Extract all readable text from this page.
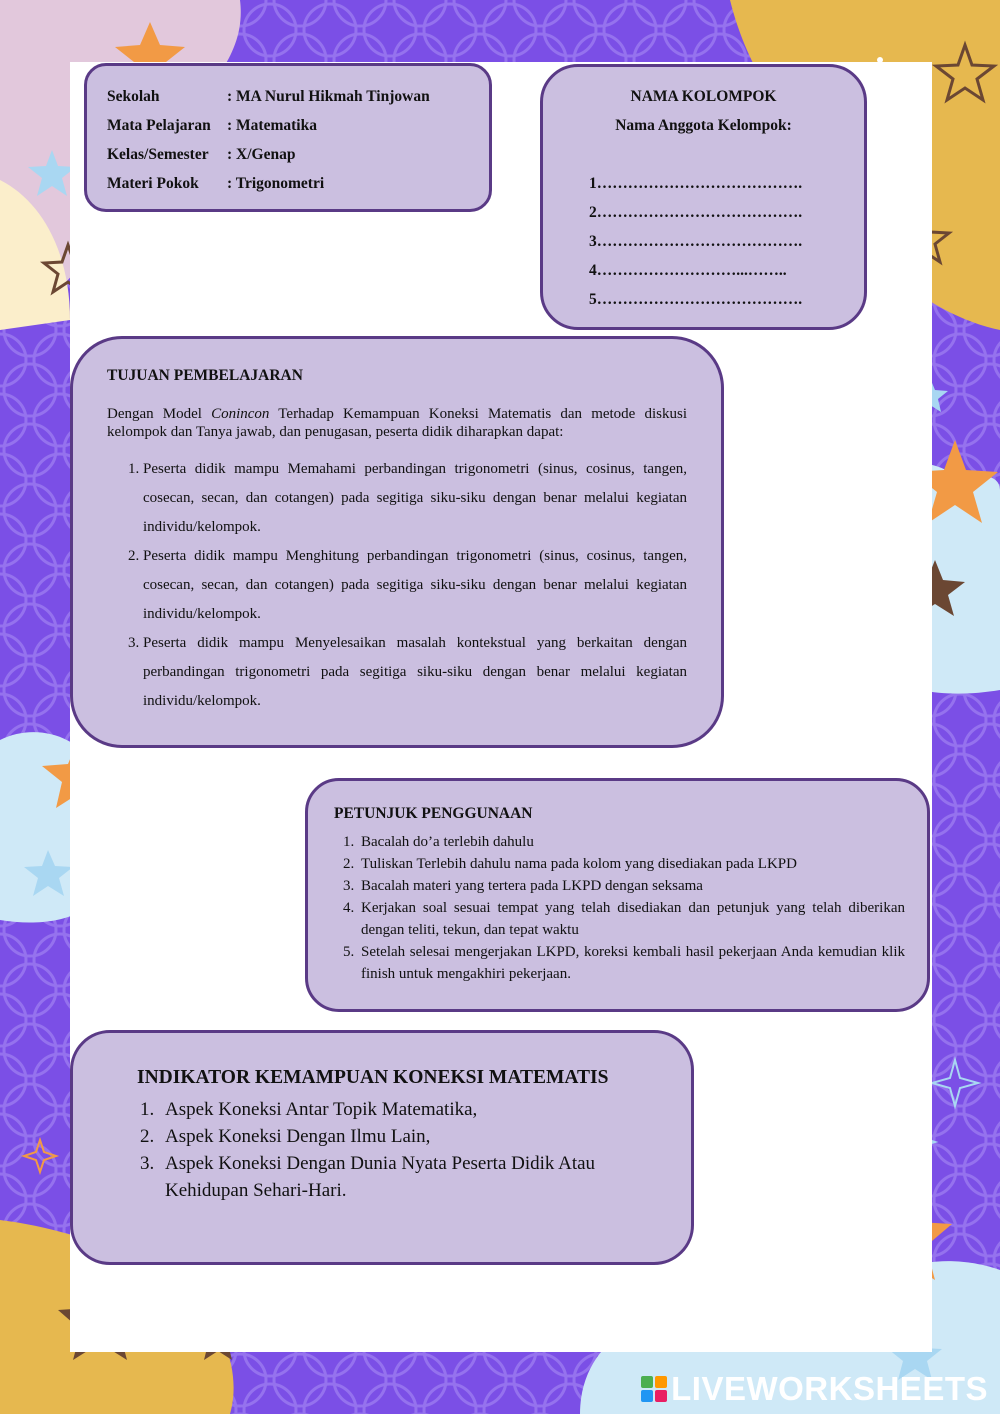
Sekolah	: MA Nurul Hikmah Tinjowan
Mata Pelajaran	: Matematika
Kelas/Semester	: X/Genap
Materi Pokok	: Trigonometri
NAMA KOLOMPOK
Nama Anggota Kelompok:
1………………………………….
2………………………………….
3………………………………….
4………………………...……..
5………………………………….
TUJUAN PEMBELAJARAN

Dengan Model Conincon Terhadap Kemampuan Koneksi Matematis dan metode diskusi kelompok dan Tanya jawab, dan penugasan, peserta didik diharapkan dapat:

1. Peserta didik mampu Memahami perbandingan trigonometri (sinus, cosinus, tangen, cosecan, secan, dan cotangen) pada segitiga siku-siku dengan benar melalui kegiatan individu/kelompok.
2. Peserta didik mampu Menghitung perbandingan trigonometri (sinus, cosinus, tangen, cosecan, secan, dan cotangen) pada segitiga siku-siku dengan benar melalui kegiatan individu/kelompok.
3. Peserta didik mampu Menyelesaikan masalah kontekstual yang berkaitan dengan perbandingan trigonometri pada segitiga siku-siku dengan benar melalui kegiatan individu/kelompok.
PETUNJUK PENGGUNAAN
1. Bacalah do’a terlebih dahulu
2. Tuliskan Terlebih dahulu nama pada kolom yang disediakan pada LKPD
3. Bacalah materi yang tertera pada LKPD dengan seksama
4. Kerjakan soal sesuai tempat yang telah disediakan dan petunjuk yang telah diberikan dengan teliti, tekun, dan tepat waktu
5. Setelah selesai mengerjakan LKPD, koreksi kembali hasil pekerjaan Anda kemudian klik finish untuk mengakhiri pekerjaan.
INDIKATOR KEMAMPUAN KONEKSI MATEMATIS
1. Aspek Koneksi Antar Topik Matematika,
2. Aspek Koneksi Dengan Ilmu Lain,
3. Aspek Koneksi Dengan Dunia Nyata Peserta Didik Atau Kehidupan Sehari-Hari.
LIVEWORKSHEETS
